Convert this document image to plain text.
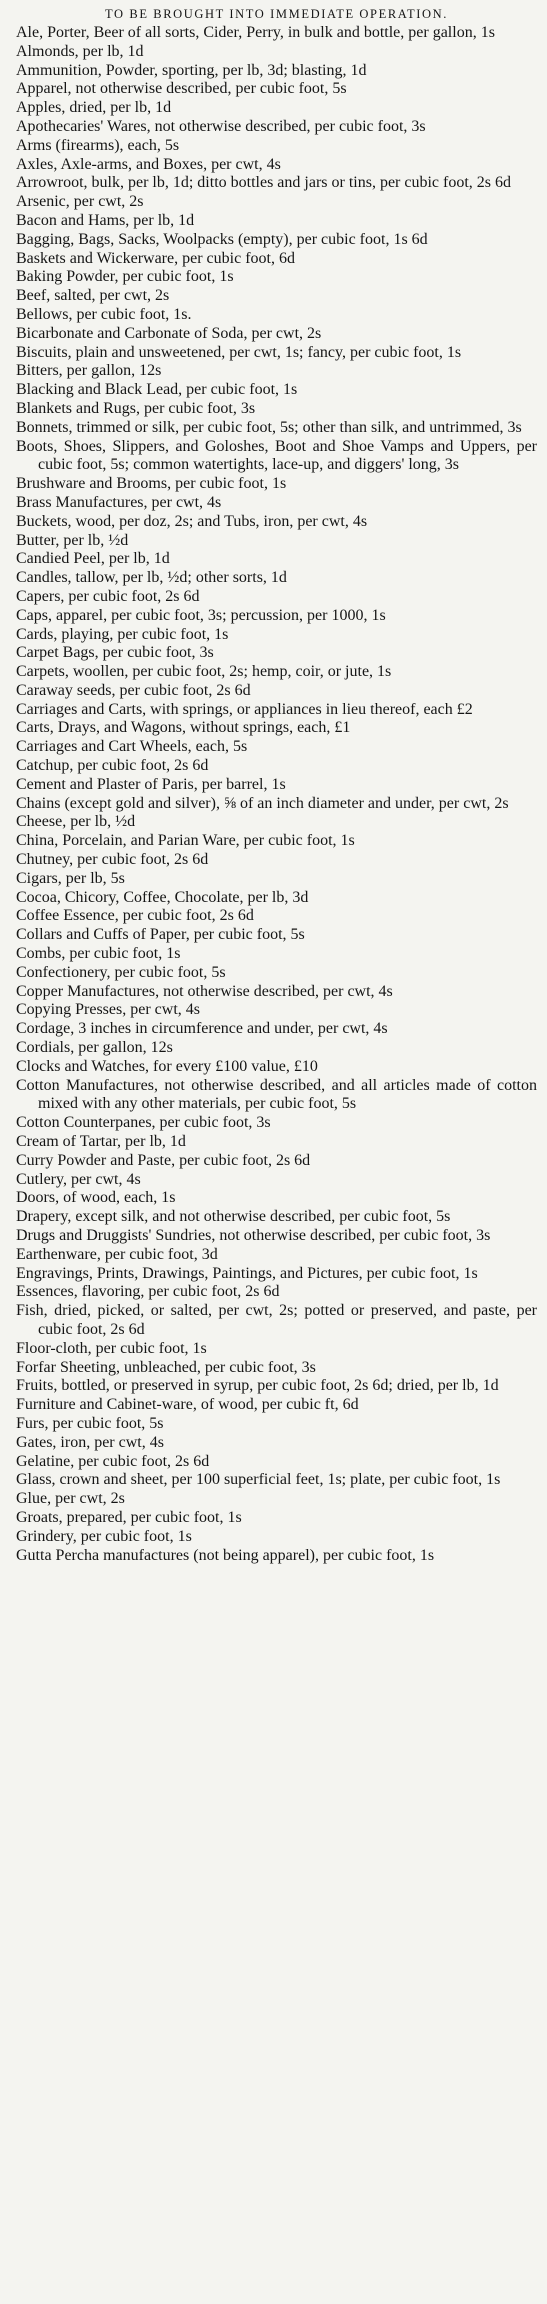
TO BE BROUGHT INTO IMMEDIATE OPERATION.
Ale, Porter, Beer of all sorts, Cider, Perry, in bulk and bottle, per gallon, 1s
Almonds, per lb, 1d
Ammunition, Powder, sporting, per lb, 3d; blasting, 1d
Apparel, not otherwise described, per cubic foot, 5s
Apples, dried, per lb, 1d
Apothecaries' Wares, not otherwise described, per cubic foot, 3s
Arms (firearms), each, 5s
Axles, Axle-arms, and Boxes, per cwt, 4s
Arrowroot, bulk, per lb, 1d; ditto bottles and jars or tins, per cubic foot, 2s 6d
Arsenic, per cwt, 2s
Bacon and Hams, per lb, 1d
Bagging, Bags, Sacks, Woolpacks (empty), per cubic foot, 1s 6d
Baskets and Wickerware, per cubic foot, 6d
Baking Powder, per cubic foot, 1s
Beef, salted, per cwt, 2s
Bellows, per cubic foot, 1s.
Bicarbonate and Carbonate of Soda, per cwt, 2s
Biscuits, plain and unsweetened, per cwt, 1s; fancy, per cubic foot, 1s
Bitters, per gallon, 12s
Blacking and Black Lead, per cubic foot, 1s
Blankets and Rugs, per cubic foot, 3s
Bonnets, trimmed or silk, per cubic foot, 5s; other than silk, and untrimmed, 3s
Boots, Shoes, Slippers, and Goloshes, Boot and Shoe Vamps and Uppers, per cubic foot, 5s; common watertights, lace-up, and diggers' long, 3s
Brushware and Brooms, per cubic foot, 1s
Brass Manufactures, per cwt, 4s
Buckets, wood, per doz, 2s; and Tubs, iron, per cwt, 4s
Butter, per lb, ½d
Candied Peel, per lb, 1d
Candles, tallow, per lb, ½d; other sorts, 1d
Capers, per cubic foot, 2s 6d
Caps, apparel, per cubic foot, 3s; percussion, per 1000, 1s
Cards, playing, per cubic foot, 1s
Carpet Bags, per cubic foot, 3s
Carpets, woollen, per cubic foot, 2s; hemp, coir, or jute, 1s
Caraway seeds, per cubic foot, 2s 6d
Carriages and Carts, with springs, or appliances in lieu thereof, each £2
Carts, Drays, and Wagons, without springs, each, £1
Carriages and Cart Wheels, each, 5s
Catchup, per cubic foot, 2s 6d
Cement and Plaster of Paris, per barrel, 1s
Chains (except gold and silver), ⅝ of an inch diameter and under, per cwt, 2s
Cheese, per lb, ½d
China, Porcelain, and Parian Ware, per cubic foot, 1s
Chutney, per cubic foot, 2s 6d
Cigars, per lb, 5s
Cocoa, Chicory, Coffee, Chocolate, per lb, 3d
Coffee Essence, per cubic foot, 2s 6d
Collars and Cuffs of Paper, per cubic foot, 5s
Combs, per cubic foot, 1s
Confectionery, per cubic foot, 5s
Copper Manufactures, not otherwise described, per cwt, 4s
Copying Presses, per cwt, 4s
Cordage, 3 inches in circumference and under, per cwt, 4s
Cordials, per gallon, 12s
Clocks and Watches, for every £100 value, £10
Cotton Manufactures, not otherwise described, and all articles made of cotton mixed with any other materials, per cubic foot, 5s
Cotton Counterpanes, per cubic foot, 3s
Cream of Tartar, per lb, 1d
Curry Powder and Paste, per cubic foot, 2s 6d
Cutlery, per cwt, 4s
Doors, of wood, each, 1s
Drapery, except silk, and not otherwise described, per cubic foot, 5s
Drugs and Druggists' Sundries, not otherwise described, per cubic foot, 3s
Earthenware, per cubic foot, 3d
Engravings, Prints, Drawings, Paintings, and Pictures, per cubic foot, 1s
Essences, flavoring, per cubic foot, 2s 6d
Fish, dried, picked, or salted, per cwt, 2s; potted or preserved, and paste, per cubic foot, 2s 6d
Floor-cloth, per cubic foot, 1s
Forfar Sheeting, unbleached, per cubic foot, 3s
Fruits, bottled, or preserved in syrup, per cubic foot, 2s 6d; dried, per lb, 1d
Furniture and Cabinet-ware, of wood, per cubic ft, 6d
Furs, per cubic foot, 5s
Gates, iron, per cwt, 4s
Gelatine, per cubic foot, 2s 6d
Glass, crown and sheet, per 100 superficial feet, 1s; plate, per cubic foot, 1s
Glue, per cwt, 2s
Groats, prepared, per cubic foot, 1s
Grindery, per cubic foot, 1s
Gutta Percha manufactures (not being apparel), per cubic foot, 1s
